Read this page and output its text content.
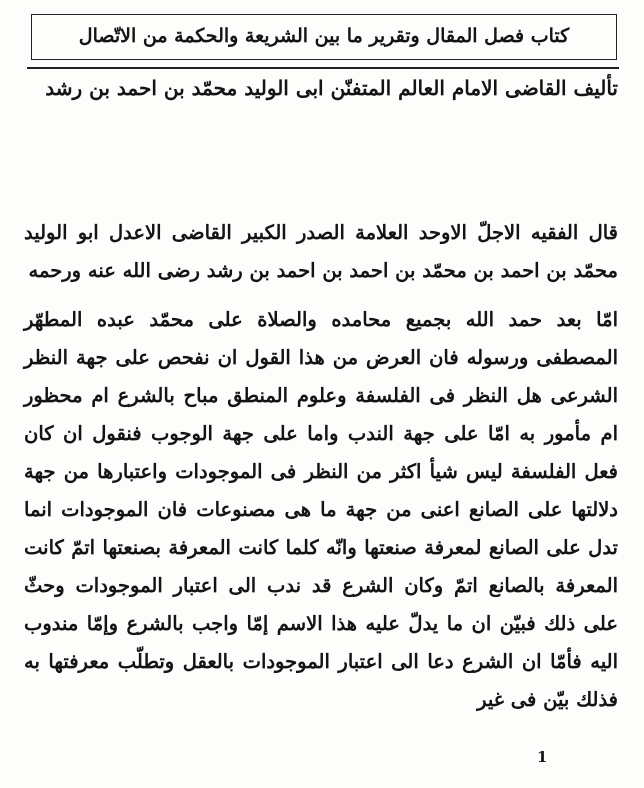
كتاب فصل المقال وتقرير ما بين الشريعة والحكمة من الاتّصال
تأليف القاضى الامام العالم المتفنّن ابى الوليد محمّد بن احمد بن رشد

قال الفقيه الاجلّ الاوحد العلامة الصدر الكبير القاضى الاعدل ابو الوليد محمّد بن احمد بن محمّد بن احمد بن احمد بن رشد رضى الله عنه ورحمه

امّا بعد حمد الله بجميع محامده والصلاة على محمّد عبده المطهّر المصطفى ورسوله فان العرض من هذا القول ان نفحص على جهة النظر الشرعى هل النظر فى الفلسفة وعلوم المنطق مباح بالشرع ام محظور ام مأمور به امّا على جهة الندب واما على جهة الوجوب فنقول ان كان فعل الفلسفة ليس شيأ اكثر من النظر فى الموجودات واعتبارها من جهة دلالتها على الصانع اعنى من جهة ما هى مصنوعات فان الموجودات انما تدل على الصانع لمعرفة صنعتها وانّه كلما كانت المعرفة بصنعتها اتمّ كانت المعرفة بالصانع اتمّ وكان الشرع قد ندب الى اعتبار الموجودات وحثّ على ذلك فبيّن ان ما يدلّ عليه هذا الاسم إمّا واجب بالشرع وإمّا مندوب اليه فأمّا ان الشرع دعا الى اعتبار الموجودات بالعقل وتطلّب معرفتها به فذلك بيّن فى غير

1
